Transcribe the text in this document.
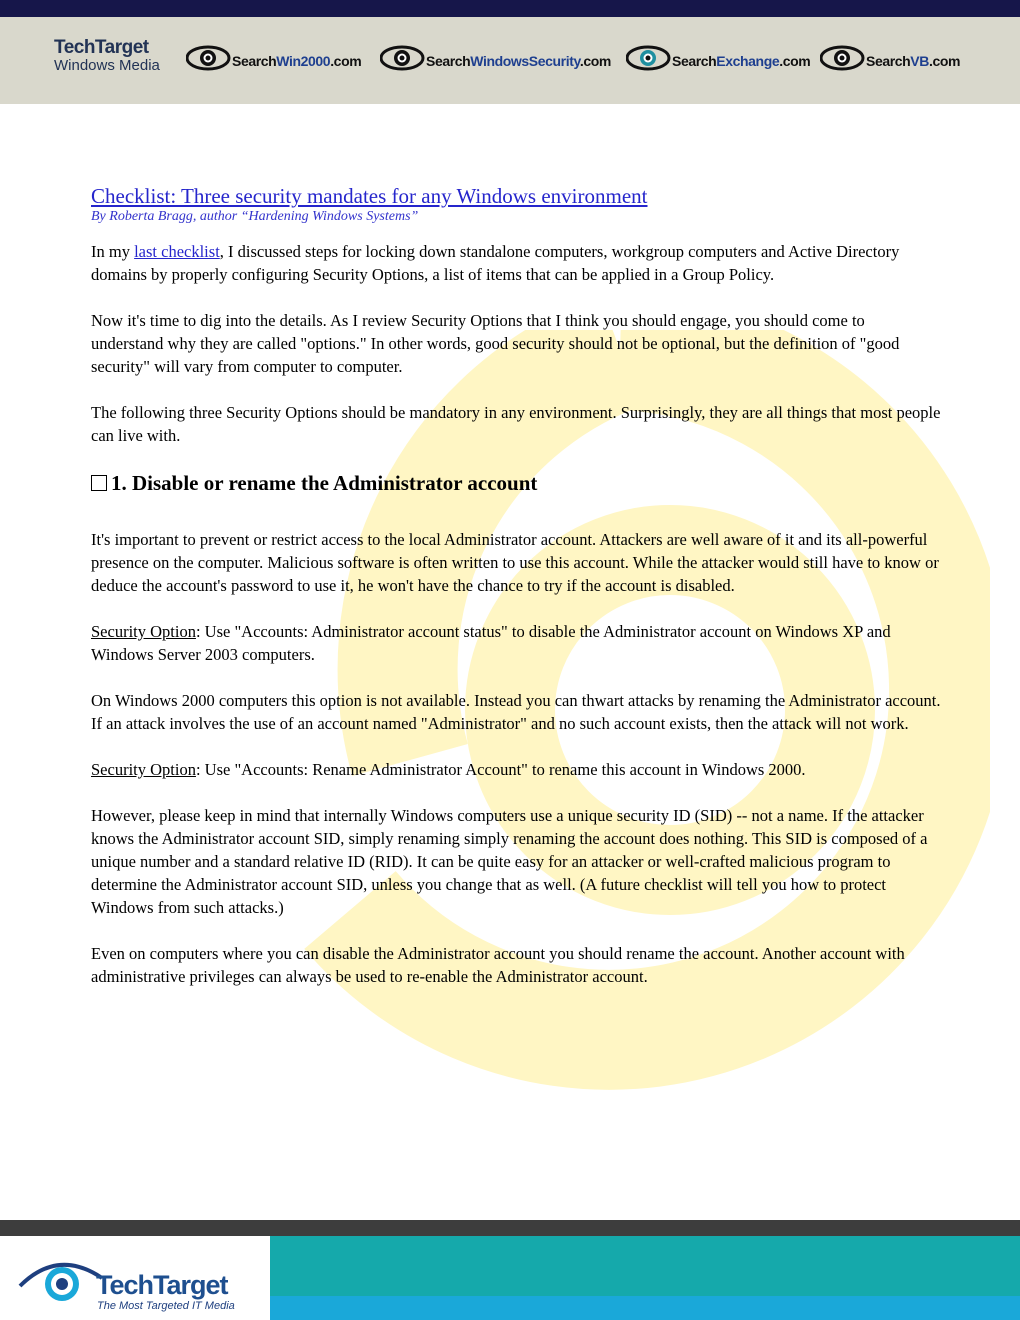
TechTarget
Windows Media	SearchWin2000.com	SearchWindowsSecurity.com	SearchExchange.com	SearchVB.com
Checklist: Three security mandates for any Windows environment
By Roberta Bragg, author “Hardening Windows Systems”

In my last checklist, I discussed steps for locking down standalone computers, workgroup computers and Active Directory domains by properly configuring Security Options, a list of items that can be applied in a Group Policy.

Now it's time to dig into the details. As I review Security Options that I think you should engage, you should come to understand why they are called "options." In other words, good security should not be optional, but the definition of "good security" will vary from computer to computer.

The following three Security Options should be mandatory in any environment. Surprisingly, they are all things that most people can live with.

1. Disable or rename the Administrator account

It's important to prevent or restrict access to the local Administrator account. Attackers are well aware of it and its all-powerful presence on the computer. Malicious software is often written to use this account. While the attacker would still have to know or deduce the account's password to use it, he won't have the chance to try if the account is disabled.

Security Option: Use "Accounts: Administrator account status" to disable the Administrator account on Windows XP and Windows Server 2003 computers.

On Windows 2000 computers this option is not available. Instead you can thwart attacks by renaming the Administrator account. If an attack involves the use of an account named "Administrator" and no such account exists, then the attack will not work.

Security Option: Use "Accounts: Rename Administrator Account" to rename this account in Windows 2000.

However, please keep in mind that internally Windows computers use a unique security ID (SID) -- not a name. If the attacker knows the Administrator account SID, simply renaming simply renaming the account does nothing. This SID is composed of a unique number and a standard relative ID (RID). It can be quite easy for an attacker or well-crafted malicious program to determine the Administrator account SID, unless you change that as well. (A future checklist will tell you how to protect Windows from such attacks.)

Even on computers where you can disable the Administrator account you should rename the account. Another account with administrative privileges can always be used to re-enable the Administrator account.

TechTarget
The Most Targeted IT Media
